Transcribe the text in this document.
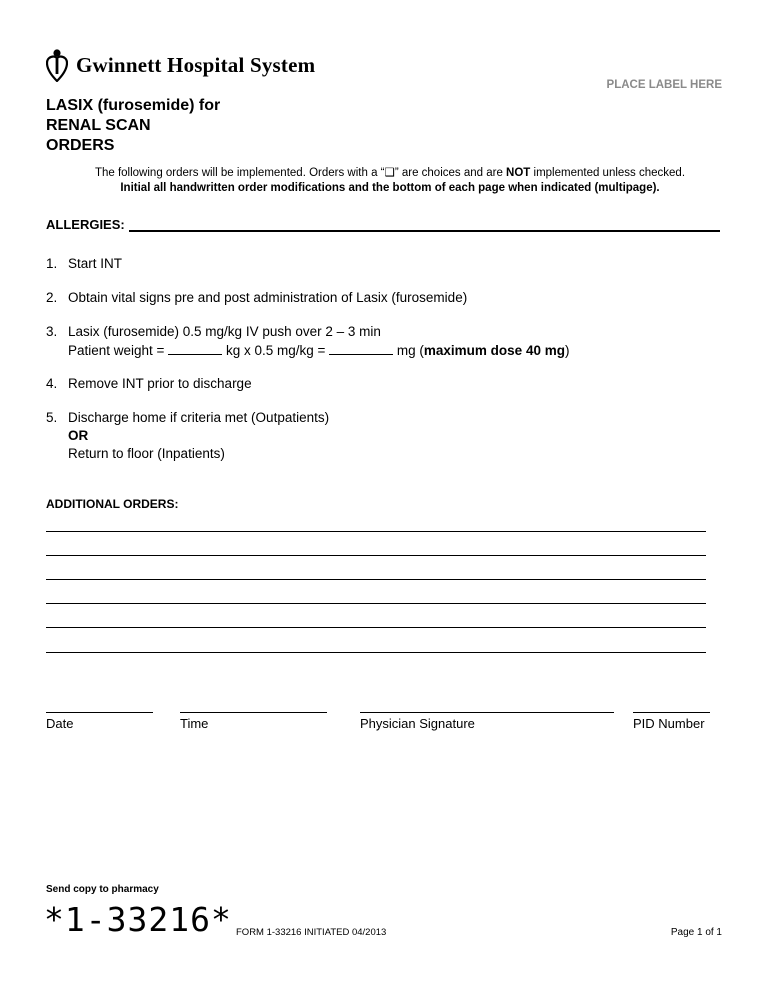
Gwinnett Hospital System
PLACE LABEL HERE
LASIX (furosemide) for
RENAL SCAN
ORDERS
The following orders will be implemented. Orders with a “❑” are choices and are NOT implemented unless checked.
Initial all handwritten order modifications and the bottom of each page when indicated (multipage).
ALLERGIES:
1. Start INT
2. Obtain vital signs pre and post administration of Lasix (furosemide)
3. Lasix (furosemide) 0.5 mg/kg IV push over 2 – 3 min
Patient weight =	kg x 0.5 mg/kg =	mg (maximum dose 40 mg)
4. Remove INT prior to discharge
5. Discharge home if criteria met (Outpatients)
OR
Return to floor (Inpatients)
ADDITIONAL ORDERS:
Date	Time	Physician Signature	PID Number
Send copy to pharmacy
*1-33216* FORM 1-33216 INITIATED 04/2013	Page 1 of 1
